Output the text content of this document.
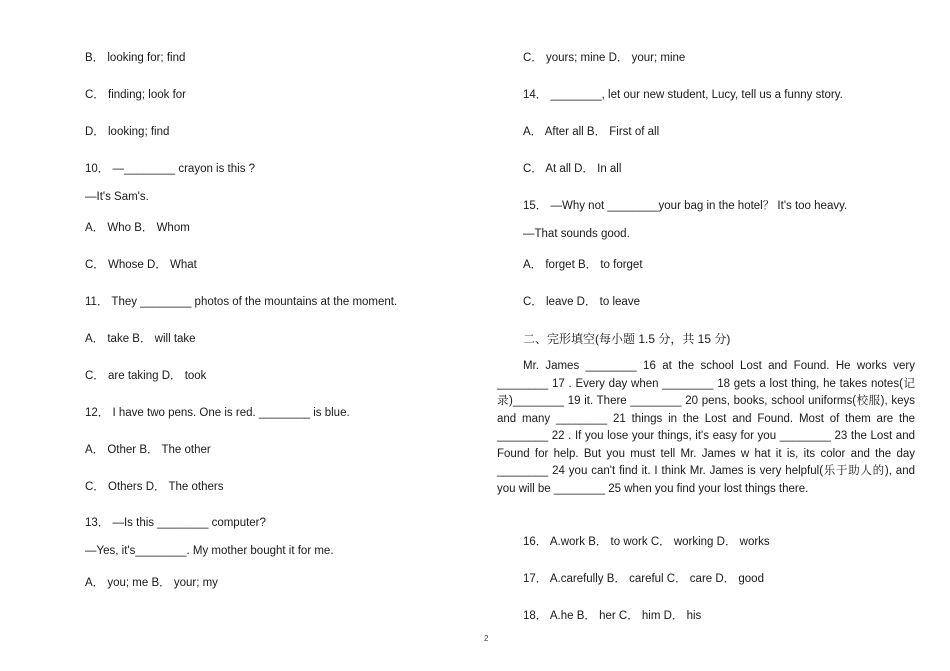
B． looking for; find
C． finding; look for
D． looking; find
10． —________ crayon is this ?
—It's Sam's.
A． Who B． Whom
C． Whose D． What
11． They ________ photos of the mountains at the moment.
A． take B． will take
C． are taking D． took
12． I have two pens. One is red. ________ is blue.
A． Other B． The other
C． Others D． The others
13． —Is this ________ computer?
—Yes, it's________. My mother bought it for me.
A． you; me B． your; my
C． yours; mine D． your; mine
14． ________, let our new student, Lucy, tell us a funny story.
A． After all B． First of all
C． At all D． In all
15． —Why not ________your bag in the hotel？ It's too heavy.
—That sounds good.
A． forget B． to forget
C． leave D． to leave
二、完形填空(每小题 1.5 分，共 15 分)

Mr. James ________ 16 at the school Lost and Found. He works very ________ 17 . Every day when ________ 18 gets a lost thing, he takes notes(记录)________ 19 it. There ________ 20 pens, books, school uniforms(校服), keys and many ________ 21 things in the Lost and Found. Most of them are the ________ 22 . If you lose your things, it's easy for you ________ 23 the Lost and Found for help. But you must tell Mr. James w hat it is, its color and the day ________ 24 you can't find it. I think Mr. James is very helpful(乐于助人的), and you will be ________ 25 when you find your lost things there.

16． A.work B． to work C． working D． works
17． A.carefully B． careful C． care D． good
18． A.he B． her C． him D． his
2
